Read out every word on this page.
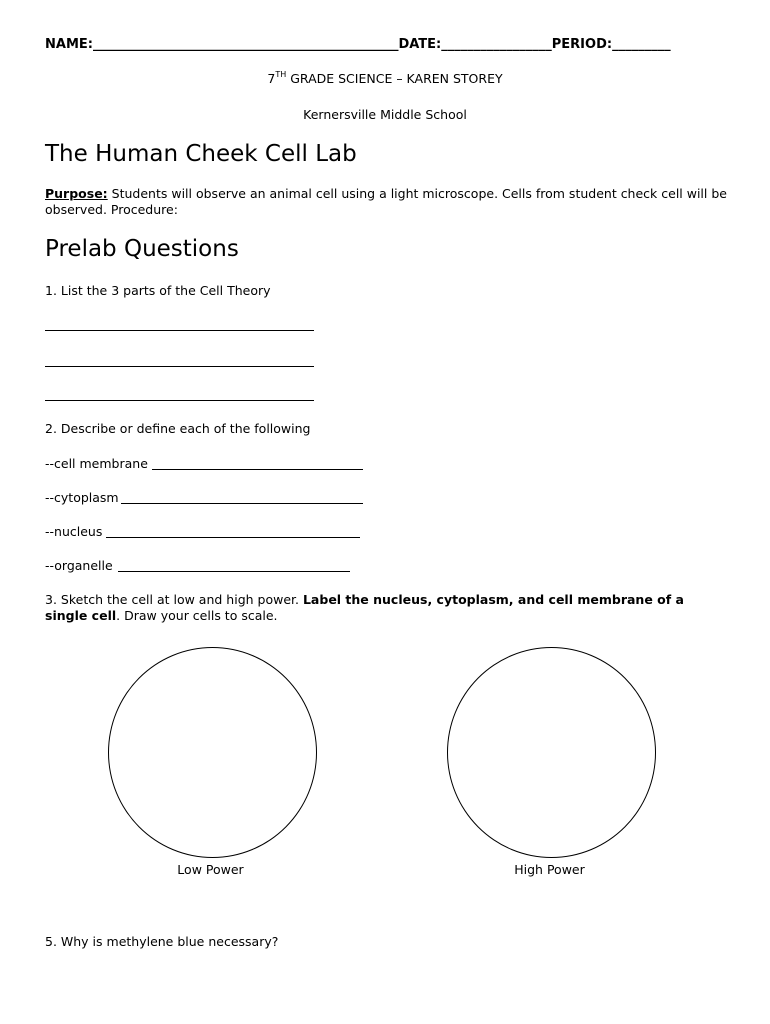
NAME:_______________________________________________DATE:_________________PERIOD:_________
7TH GRADE SCIENCE – KAREN STOREY
Kernersville Middle School
The Human Cheek Cell Lab
Purpose: Students will observe an animal cell using a light microscope. Cells from student check cell will be observed. Procedure:
Prelab Questions
1. List the 3 parts of the Cell Theory
2. Describe or define each of the following
--cell membrane
--cytoplasm
--nucleus
--organelle
3. Sketch the cell at low and high power. Label the nucleus, cytoplasm, and cell membrane of a single cell. Draw your cells to scale.
Low Power	High Power
5. Why is methylene blue necessary?
